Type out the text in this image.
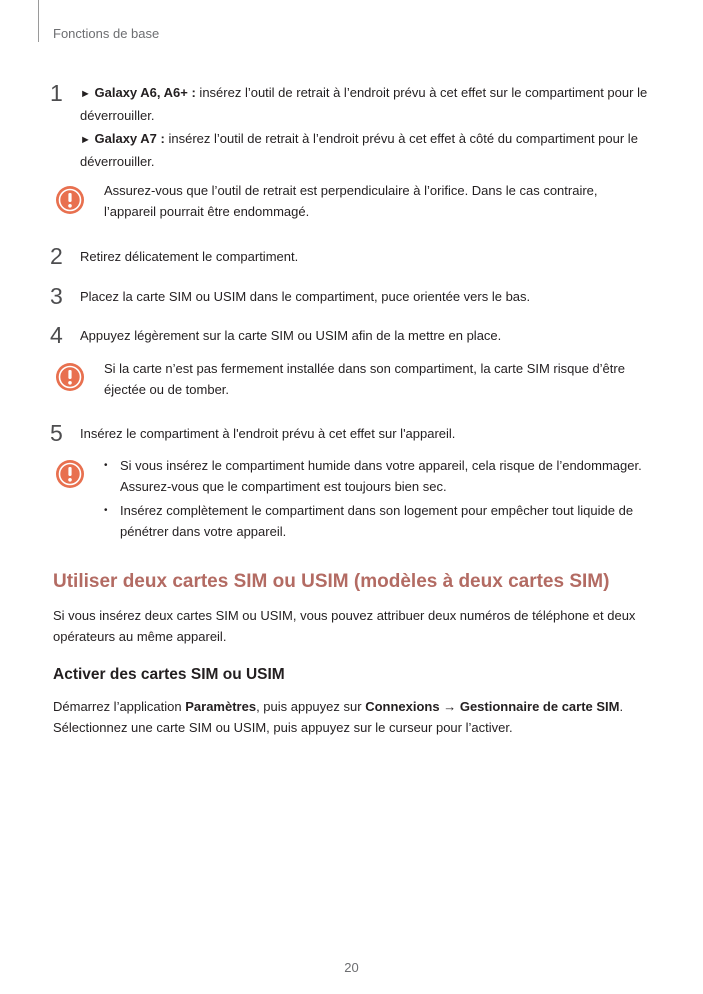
Fonctions de base
1 ► Galaxy A6, A6+ : insérez l’outil de retrait à l’endroit prévu à cet effet sur le compartiment pour le déverrouiller.

► Galaxy A7 : insérez l’outil de retrait à l’endroit prévu à cet effet à côté du compartiment pour le déverrouiller.

Assurez-vous que l’outil de retrait est perpendiculaire à l’orifice. Dans le cas contraire, l’appareil pourrait être endommagé.
2 Retirez délicatement le compartiment.
3 Placez la carte SIM ou USIM dans le compartiment, puce orientée vers le bas.
4 Appuyez légèrement sur la carte SIM ou USIM afin de la mettre en place.
Si la carte n’est pas fermement installée dans son compartiment, la carte SIM risque d’être éjectée ou de tomber.
5 Insérez le compartiment à l'endroit prévu à cet effet sur l'appareil.
• Si vous insérez le compartiment humide dans votre appareil, cela risque de l’endommager. Assurez-vous que le compartiment est toujours bien sec.
• Insérez complètement le compartiment dans son logement pour empêcher tout liquide de pénétrer dans votre appareil.
Utiliser deux cartes SIM ou USIM (modèles à deux cartes SIM)

Si vous insérez deux cartes SIM ou USIM, vous pouvez attribuer deux numéros de téléphone et deux opérateurs au même appareil.

Activer des cartes SIM ou USIM

Démarrez l’application Paramètres, puis appuyez sur Connexions → Gestionnaire de carte SIM.
Sélectionnez une carte SIM ou USIM, puis appuyez sur le curseur pour l’activer.

20
